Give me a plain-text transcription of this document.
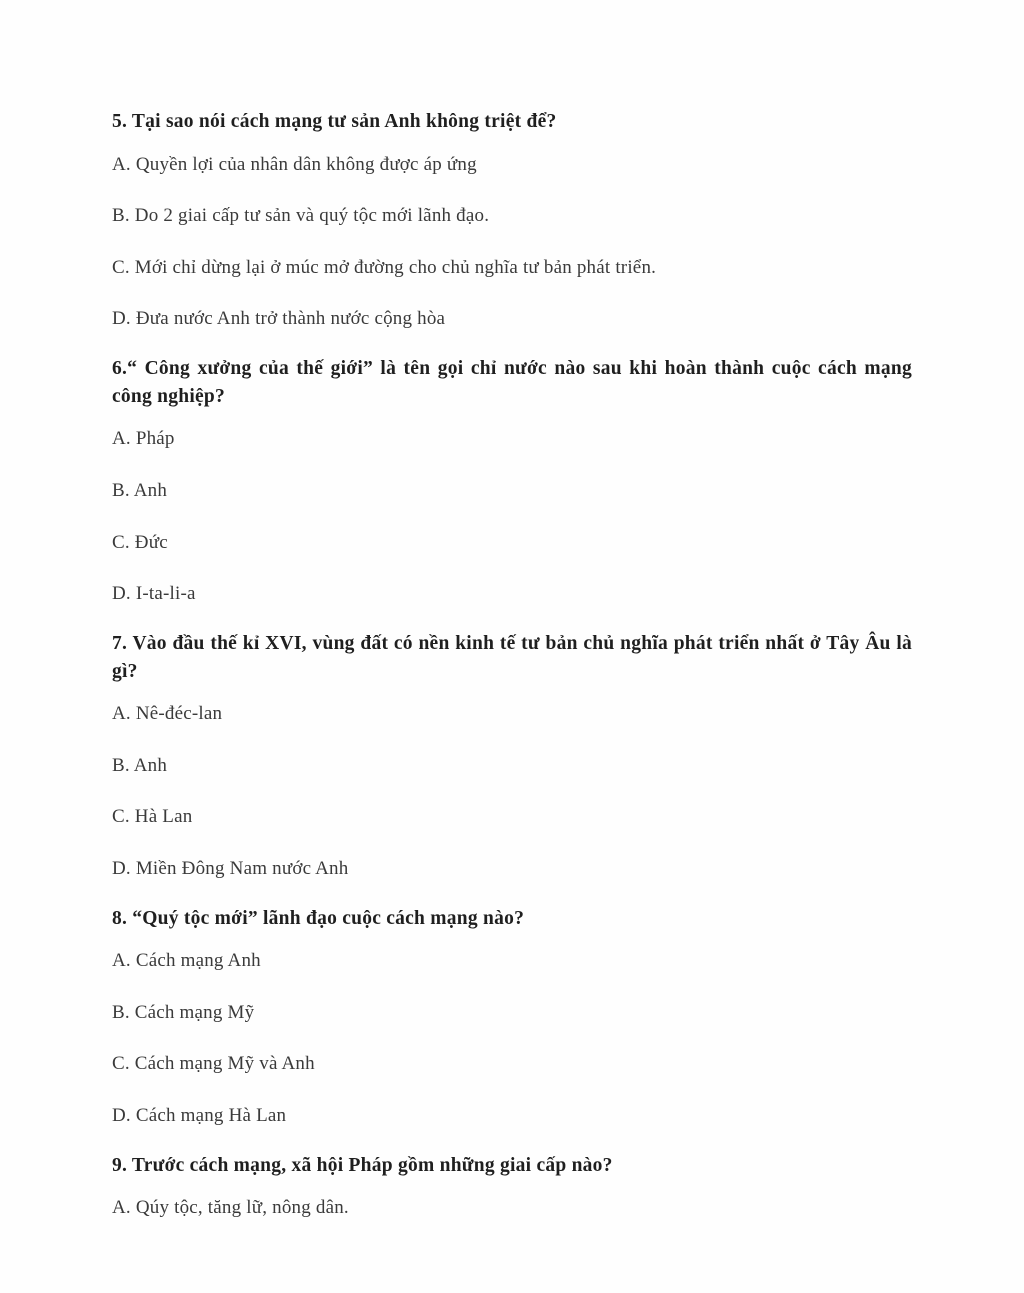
5. Tại sao nói cách mạng tư sản Anh không triệt để?

A. Quyền lợi của nhân dân không được áp ứng

B. Do 2 giai cấp tư sản và quý tộc mới lãnh đạo.

C. Mới chỉ dừng lại ở múc mở đường cho chủ nghĩa tư bản phát triển.

D. Đưa nước Anh trở thành nước cộng hòa

6.“ Công xưởng của thế giới” là tên gọi chỉ nước nào sau khi hoàn thành cuộc cách mạng công nghiệp?

A. Pháp

B. Anh

C. Đức

D. I-ta-li-a

7. Vào đầu thế kỉ XVI, vùng đất có nền kinh tế tư bản chủ nghĩa phát triển nhất ở Tây Âu là gì?

A. Nê-đéc-lan

B. Anh

C. Hà Lan

D. Miền Đông Nam nước Anh

8. “Quý tộc mới” lãnh đạo cuộc cách mạng nào?

A. Cách mạng Anh

B. Cách mạng Mỹ

C. Cách mạng Mỹ và Anh

D. Cách mạng Hà Lan

9. Trước cách mạng, xã hội Pháp gồm những giai cấp nào?

A. Qúy tộc, tăng lữ, nông dân.
